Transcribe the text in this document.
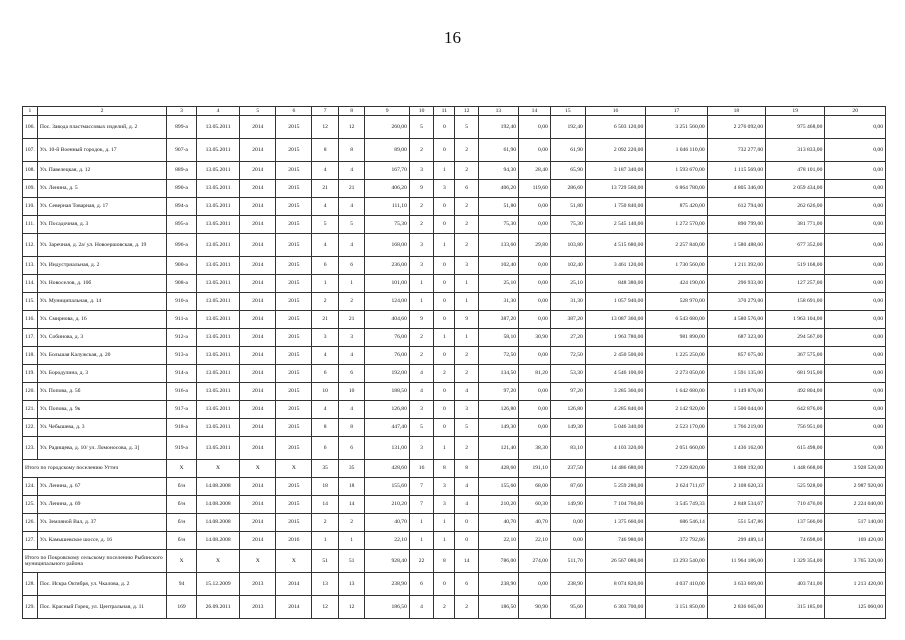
16
1	2	3	4	5	6	7	8	9	10	11	12	13	14	15	16	17	18	19	20
106.	Пос. Завода пластмассовых изделий, д. 2	899-а	13.05.2011	2014	2015	12	12	260,00	5	0	5	192,40	0,00	192,40	6 503 120,00	3 251 560,00	2 276 092,00	975 468,00	0,00
107.	Ул. 10-й Военный городок, д. 17	907-а	13.05.2011	2014	2015	8	8	89,00	2	0	2	61,90	0,00	61,90	2 092 220,00	1 046 110,00	732 277,00	313 833,00	0,00
108.	Ул. Павелецкая, д. 12	889-а	13.05.2011	2014	2015	4	4	167,70	3	1	2	94,30	28,40	65,90	3 187 340,00	1 593 670,00	1 115 569,00	478 101,00	0,00
109.	Ул. Ленина, д. 5	890-а	13.05.2011	2014	2015	21	21	406,20	9	3	6	406,20	119,60	286,60	13 729 560,00	6 864 780,00	4 805 346,00	2 059 434,00	0,00
110.	Ул. Северная Товарная, д. 17	894-а	13.05.2011	2014	2015	4	4	111,10	2	0	2	51,80	0,00	51,80	1 750 840,00	875 420,00	612 794,00	262 626,00	0,00
111.	Ул. Посадочная, д. 3	895-а	13.05.2011	2014	2015	5	5	75,30	2	0	2	75,30	0,00	75,30	2 545 140,00	1 272 570,00	890 799,00	381 771,00	0,00
112.	Ул. Заречная, д. 2а/ ул. Новоершовская, д. 19	896-а	13.05.2011	2014	2015	4	4	168,00	3	1	2	133,60	29,80	103,80	4 515 680,00	2 257 840,00	1 580 488,00	677 352,00	0,00
113.	Ул. Индустриальная, д. 2	900-а	13.05.2011	2014	2015	6	6	236,00	3	0	3	102,40	0,00	102,40	3 461 120,00	1 730 560,00	1 211 392,00	519 168,00	0,00
114.	Ул. Новоселов, д. 10б	908-а	13.05.2011	2014	2015	1	1	101,00	1	0	1	25,10	0,00	25,10	848 380,00	424 190,00	296 933,00	127 257,00	0,00
115.	Ул. Муниципальная, д. 14	910-а	13.05.2011	2014	2015	2	2	124,00	1	0	1	31,30	0,00	31,30	1 057 940,00	528 970,00	370 279,00	158 691,00	0,00
116.	Ул. Смирнова, д. 16	911-а	13.05.2011	2014	2015	21	21	404,60	9	0	9	387,20	0,00	387,20	13 087 360,00	6 543 680,00	4 580 576,00	1 963 104,00	0,00
117.	Ул. Собинова, д. 3	912-а	13.05.2011	2014	2015	3	3	76,00	2	1	1	58,10	30,90	27,20	1 963 780,00	981 890,00	687 323,00	294 567,00	0,00
118.	Ул. Большая Калужская, д. 20	913-а	13.05.2011	2014	2015	4	4	76,00	2	0	2	72,50	0,00	72,50	2 450 500,00	1 225 250,00	857 675,00	367 575,00	0,00
119.	Ул. Бородулина, д. 3	914-а	13.05.2011	2014	2015	6	6	192,00	4	2	2	134,50	81,20	53,30	4 546 100,00	2 273 050,00	1 591 135,00	681 915,00	0,00
120.	Ул. Попова, д. 5б	916-а	13.05.2011	2014	2015	10	10	188,50	4	0	4	97,20	0,00	97,20	3 285 360,00	1 642 680,00	1 149 876,00	492 804,00	0,00
121.	Ул. Попова, д. 9к	917-а	13.05.2011	2014	2015	4	4	126,80	3	0	3	126,80	0,00	126,80	4 285 840,00	2 142 920,00	1 500 044,00	642 876,00	0,00
122.	Ул. Чебышева, д. 3	918-а	13.05.2011	2014	2015	8	8	447,40	5	0	5	149,30	0,00	149,30	5 046 340,00	2 523 170,00	1 766 219,00	756 951,00	0,00
123.	Ул. Радищева, д. 10/ ул. Ломоносова, д. 3]	919-а	13.05.2011	2014	2015	6	6	131,00	3	1	2	121,40	38,30	83,10	4 103 320,00	2 051 660,00	1 436 162,00	615 498,00	0,00
Итого по городскому поселению Угтич		X	X	X	X	35	35	428,60	16	8	8	428,60	191,10	237,50	14 486 680,00	7 229 820,00	3 808 192,00	1 448 668,00	3 928 520,00
124.	Ул. Ленина, д. 67	б/н	14.08.2008	2014	2015	18	18	155,60	7	3	4	155,60	68,00	87,60	5 259 280,00	2 624 711,67	2 108 620,33	525 928,00	2 987 920,00
125.	Ул. Ленина, д. 69	б/н	14.08.2008	2014	2015	14	14	210,20	7	3	4	210,20	60,30	149,90	7 104 760,00	3 545 749,33	2 848 534,67	710 476,00	2 224 040,00
126.	Ул. Земляной Вал, д. 37	б/н	14.08.2008	2014	2015	2	2	40,70	1	1	0	40,70	40,70	0,00	1 375 660,00	686 546,14	551 547,86	137 566,00	517 140,00
127.	Ул. Камышевское шоссе, д. 16	б/н	14.08.2008	2014	2016	1	1	22,10	1	1	0	22,10	22,10	0,00	746 980,00	372 792,86	299 489,14	74 698,00	169 420,00
Итого по Покровскому сельскому поселению Рыбинского муниципального района		X	X	X	X	51	51	928,40	22	8	14	786,00	274,00	511,70	26 567 080,00	13 293 540,00	11 964 186,00	1 329 354,00	3 765 320,00
128.	Пос. Искра Октября, ул. Чкалова, д. 2	94	15.12.2009	2013	2014	13	13	238,90	6	0	6	238,90	0,00	238,90	8 074 820,00	4 037 410,00	3 633 669,00	403 741,00	1 213 420,00
129.	Пос. Красный Горец, ул. Центральная, д. 11	169	26.09.2011	2013	2014	12	12	186,50	4	2	2	186,50	90,90	95,60	6 303 700,00	3 151 850,00	2 836 665,00	315 185,00	125 060,00
